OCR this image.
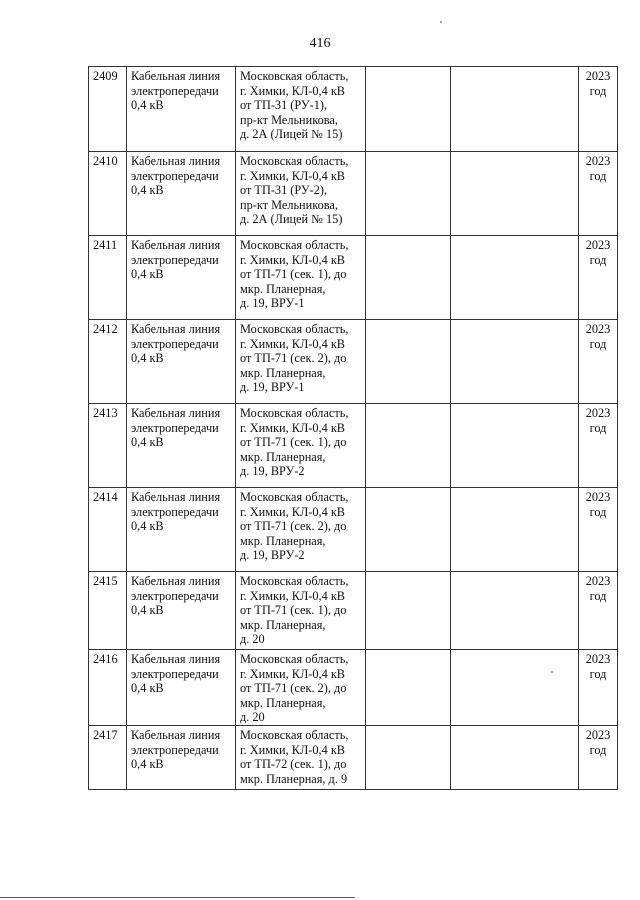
416
2409	Кабельная линия
электропередачи
0,4 кВ	Московская область,
г. Химки, КЛ-0,4 кВ
от ТП-31 (РУ-1),
пр-кт Мельникова,
д. 2А (Лицей № 15)			2023
год

2410	Кабельная линия
электропередачи
0,4 кВ	Московская область,
г. Химки, КЛ-0,4 кВ
от ТП-31 (РУ-2),
пр-кт Мельникова,
д. 2А (Лицей № 15)			2023
год

2411	Кабельная линия
электропередачи
0,4 кВ	Московская область,
г. Химки, КЛ-0,4 кВ
от ТП-71 (сек. 1), до
мкр. Планерная,
д. 19, ВРУ-1			2023
год

2412	Кабельная линия
электропередачи
0,4 кВ	Московская область,
г. Химки, КЛ-0,4 кВ
от ТП-71 (сек. 2), до
мкр. Планерная,
д. 19, ВРУ-1			2023
год

2413	Кабельная линия
электропередачи
0,4 кВ	Московская область,
г. Химки, КЛ-0,4 кВ
от ТП-71 (сек. 1), до
мкр. Планерная,
д. 19, ВРУ-2			2023
год

2414	Кабельная линия
электропередачи
0,4 кВ	Московская область,
г. Химки, КЛ-0,4 кВ
от ТП-71 (сек. 2), до
мкр. Планерная,
д. 19, ВРУ-2			2023
год

2415	Кабельная линия
электропередачи
0,4 кВ	Московская область,
г. Химки, КЛ-0,4 кВ
от ТП-71 (сек. 1), до
мкр. Планерная,
д. 20			2023
год

2416	Кабельная линия
электропередачи
0,4 кВ	Московская область,
г. Химки, КЛ-0,4 кВ
от ТП-71 (сек. 2), до
мкр. Планерная,
д. 20			2023
год

2417	Кабельная линия
электропередачи
0,4 кВ	Московская область,
г. Химки, КЛ-0,4 кВ
от ТП-72 (сек. 1), до
мкр. Планерная, д. 9			2023
год
